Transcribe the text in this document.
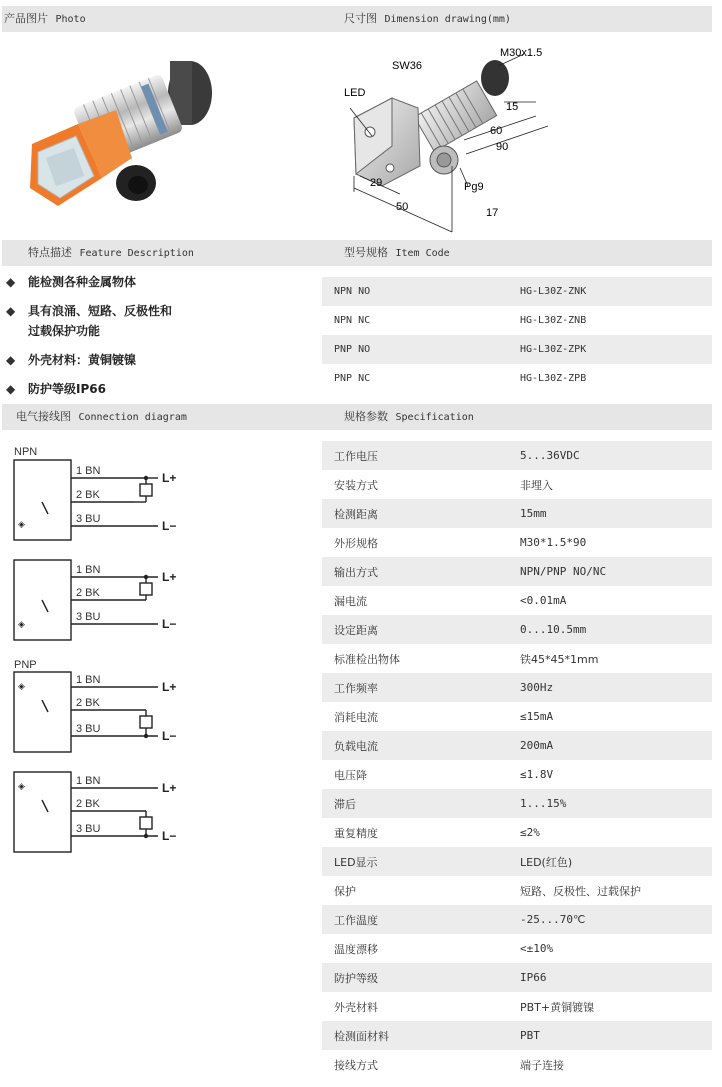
产品图片 Photo	尺寸图 Dimension drawing(mm)
特点描述 Feature Description	型号规格 Item Code
电气接线图 Connection diagram	规格参数 Specification
SW36
M30x1.5
LED
15
60
90
Pg9
17
29
50
◆	能检测各种金属物体
◆	具有浪涌、短路、反极性和
过载保护功能
◆	外壳材料：黄铜镀镍
◆	防护等级IP66
NPN NO	HG-L30Z-ZNK
NPN NC	HG-L30Z-ZNB
PNP NO	HG-L30Z-ZPK
PNP NC	HG-L30Z-ZPB
◈
◈
◈
◈
NPN
PNP
1 BN
2 BK
3 BU
1 BN
2 BK
3 BU
1 BN
2 BK
3 BU
1 BN
2 BK
3 BU
L+
L−
L+
L−
L+
L−
L+
L−
工作电压	5...36VDC
安装方式	非埋入
检测距离	15mm
外形规格	M30*1.5*90
输出方式	NPN/PNP NO/NC
漏电流	<0.01mA
设定距离	0...10.5mm
标准检出物体	铁45*45*1mm
工作频率	300Hz
消耗电流	≤15mA
负载电流	200mA
电压降	≤1.8V
滞后	1...15%
重复精度	≤2%
LED显示	LED(红色)
保护	短路、反极性、过载保护
工作温度	-25...70℃
温度漂移	<±10%
防护等级	IP66
外壳材料	PBT+黄铜镀镍
检测面材料	PBT
接线方式	端子连接
